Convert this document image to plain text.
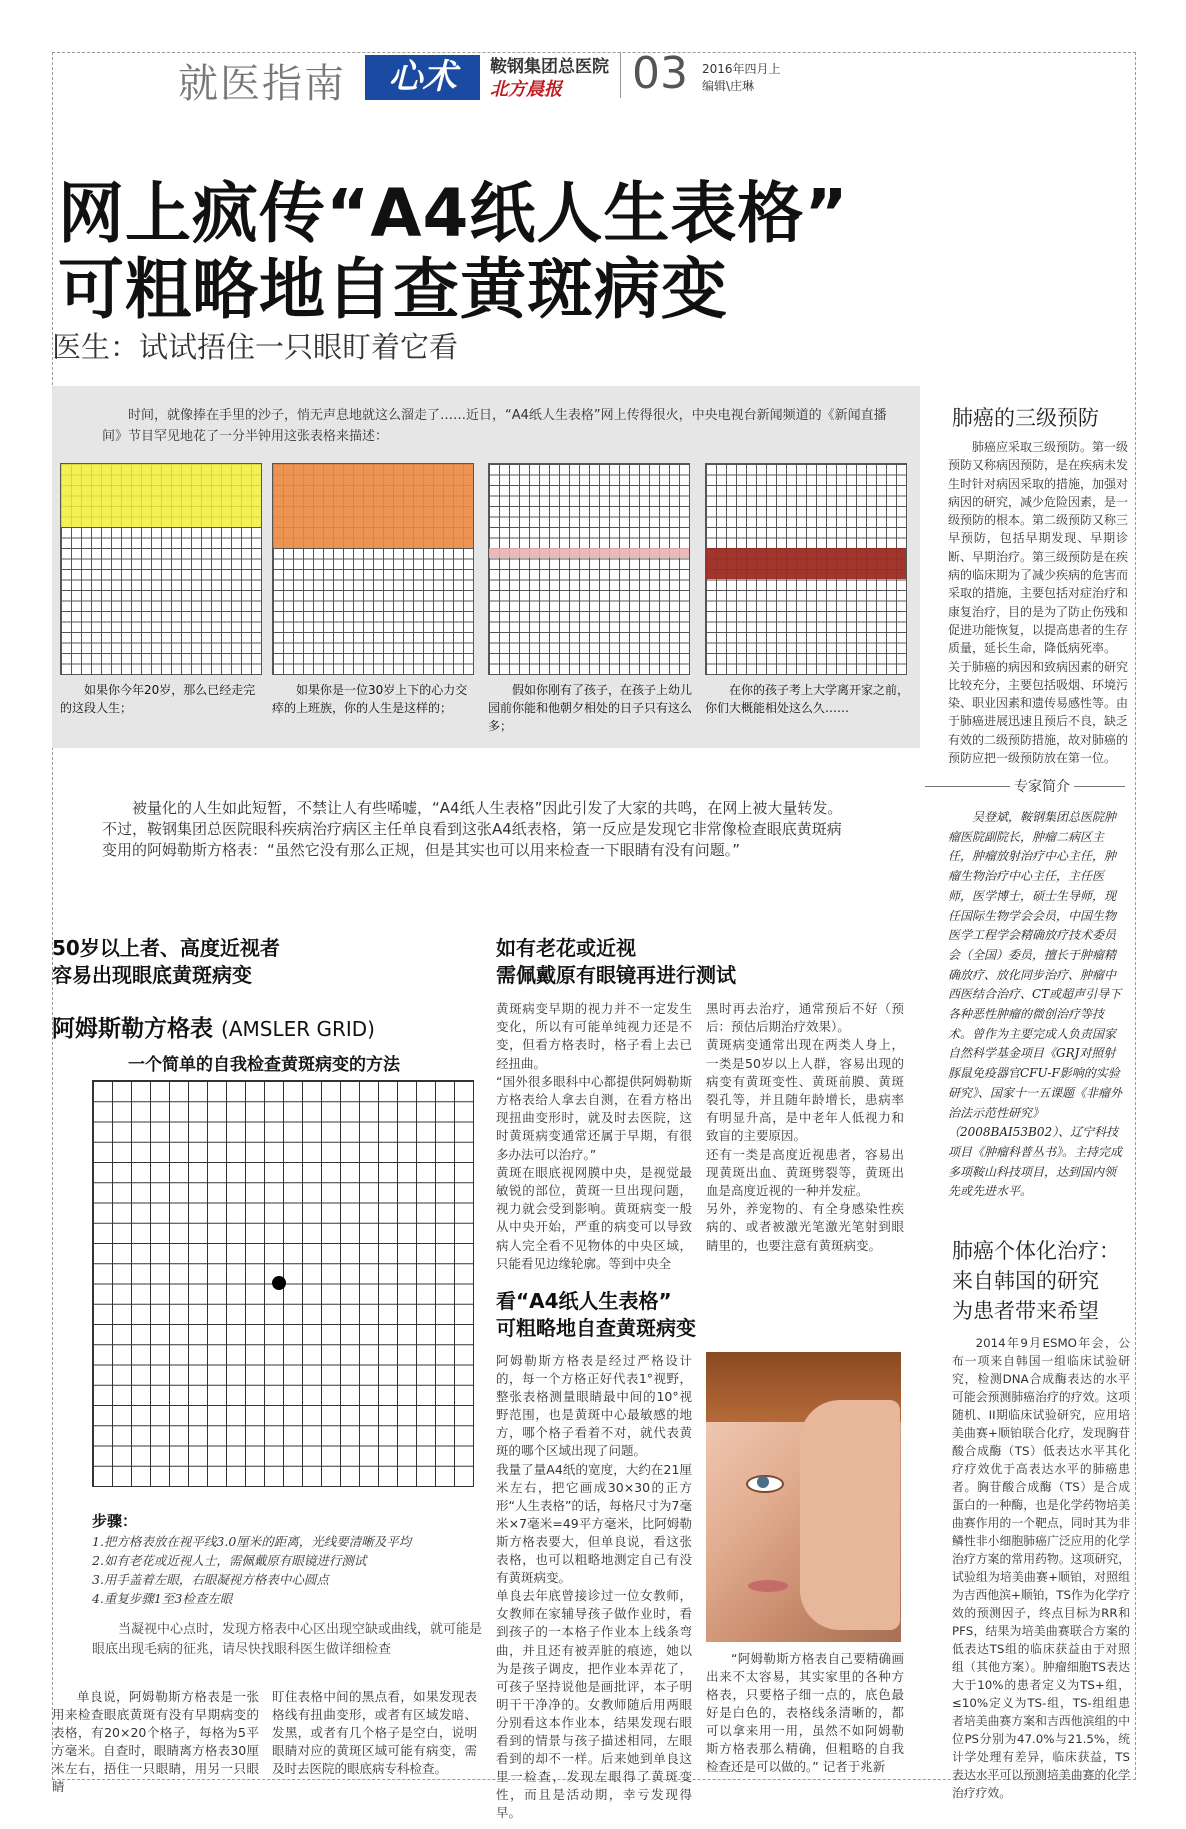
就医指南	心术	鞍钢集团总医院
北方晨报 03 2016年四月上
编辑\庄琳
网上疯传“A4纸人生表格”
可粗略地自查黄斑病变
医生：试试捂住一只眼盯着它看
时间，就像捧在手里的沙子，悄无声息地就这么溜走了……近日，“A4纸人生表格”网上传得很火，中央电视台新闻频道的《新闻直播间》节目罕见地花了一分半钟用这张表格来描述：
如果你今年20岁，那么已经走完的这段人生；
如果你是一位30岁上下的心力交瘁的上班族，你的人生是这样的；
假如你刚有了孩子，在孩子上幼儿园前你能和他朝夕相处的日子只有这么多；
在你的孩子考上大学离开家之前，你们大概能相处这么久……
被量化的人生如此短暂，不禁让人有些唏嘘，“A4纸人生表格”因此引发了大家的共鸣，在网上被大量转发。不过，鞍钢集团总医院眼科疾病治疗病区主任单良看到这张A4纸表格，第一反应是发现它非常像检查眼底黄斑病变用的阿姆勒斯方格表：“虽然它没有那么正规，但是其实也可以用来检查一下眼睛有没有问题。”
50岁以上者、高度近视者
容易出现眼底黄斑病变
阿姆斯勒方格表 (AMSLER GRID)
一个简单的自我检查黄斑病变的方法
步骤：
1.把方格表放在视平线3.0厘米的距离，光线要清晰及平均
2.如有老花或近视人士，需佩戴原有眼镜进行测试
3.用手盖着左眼，右眼凝视方格表中心圆点
4.重复步骤1至3检查左眼
当凝视中心点时，发现方格表中心区出现空缺或曲线，就可能是眼底出现毛病的征兆，请尽快找眼科医生做详细检查
单良说，阿姆勒斯方格表是一张用来检查眼底黄斑有没有早期病变的表格，有20×20个格子，每格为5平方毫米。自查时，眼睛离方格表30厘米左右，捂住一只眼睛，用另一只眼睛
盯住表格中间的黑点看，如果发现表格线有扭曲变形，或者有区域发暗、发黑，或者有几个格子是空白，说明眼睛对应的黄斑区域可能有病变，需及时去医院的眼底病专科检查。
如有老花或近视
需佩戴原有眼镜再进行测试
黄斑病变早期的视力并不一定发生变化，所以有可能单纯视力还是不变，但看方格表时，格子看上去已经扭曲。
“国外很多眼科中心都提供阿姆勒斯方格表给人拿去自测，在看方格出现扭曲变形时，就及时去医院，这时黄斑病变通常还属于早期，有很多办法可以治疗。”
黄斑在眼底视网膜中央，是视觉最敏锐的部位，黄斑一旦出现问题，视力就会受到影响。黄斑病变一般从中央开始，严重的病变可以导致病人完全看不见物体的中央区域，只能看见边缘轮廓。等到中央全
黑时再去治疗，通常预后不好（预后：预估后期治疗效果）。
黄斑病变通常出现在两类人身上，一类是50岁以上人群，容易出现的病变有黄斑变性、黄斑前膜、黄斑裂孔等，并且随年龄增长，患病率有明显升高，是中老年人低视力和致盲的主要原因。
还有一类是高度近视患者，容易出现黄斑出血、黄斑劈裂等，黄斑出血是高度近视的一种并发症。
另外，养宠物的、有全身感染性疾病的、或者被激光笔激光笔射到眼睛里的，也要注意有黄斑病变。
看“A4纸人生表格”
可粗略地自查黄斑病变
阿姆勒斯方格表是经过严格设计的，每一个方格正好代表1°视野，整张表格测量眼睛最中间的10°视野范围，也是黄斑中心最敏感的地方，哪个格子看着不对，就代表黄斑的哪个区域出现了问题。
我量了量A4纸的宽度，大约在21厘米左右，把它画成30×30的正方形“人生表格”的话，每格尺寸为7毫米×7毫米=49平方毫米，比阿姆勒斯方格表要大，但单良说，看这张表格，也可以粗略地测定自己有没有黄斑病变。
单良去年底曾接诊过一位女教师，女教师在家辅导孩子做作业时，看到孩子的一本格子作业本上线条弯曲，并且还有被弄脏的痕迹，她以为是孩子调皮，把作业本弄花了，可孩子坚持说他是画批评，本子明明干干净净的。女教师随后用两眼分别看这本作业本，结果发现右眼看到的情景与孩子描述相同，左眼看到的却不一样。后来她到单良这里一检查，发现左眼得了黄斑变性，而且是活动期，幸亏发现得早。
“阿姆勒斯方格表自己要精确画出来不太容易，其实家里的各种方格表，只要格子细一点的，底色最好是白色的，表格线条清晰的，都可以拿来用一用，虽然不如阿姆勒斯方格表那么精确，但粗略的自我检查还是可以做的。” 记者于兆新
肺癌的三级预防
肺癌应采取三级预防。第一级预防又称病因预防，是在疾病未发生时针对病因采取的措施，加强对病因的研究，减少危险因素，是一级预防的根本。第二级预防又称三早预防，包括早期发现、早期诊断、早期治疗。第三级预防是在疾病的临床期为了减少疾病的危害而采取的措施，主要包括对症治疗和康复治疗，目的是为了防止伤残和促进功能恢复，以提高患者的生存质量，延长生命，降低病死率。
关于肺癌的病因和致病因素的研究比较充分，主要包括吸烟、环境污染、职业因素和遗传易感性等。由于肺癌进展迅速且预后不良，缺乏有效的二级预防措施，故对肺癌的预防应把一级预防放在第一位。
专家简介
吴登斌，鞍钢集团总医院肿瘤医院副院长，肿瘤二病区主任，肿瘤放射治疗中心主任，肿瘤生物治疗中心主任，主任医师，医学博士，硕士生导师，现任国际生物学会会员，中国生物医学工程学会精确放疗技术委员会（全国）委员，擅长于肿瘤精确放疗、放化同步治疗、肿瘤中西医结合治疗、CT或超声引导下各种恶性肿瘤的微创治疗等技术。曾作为主要完成人负责国家自然科学基金项目《GRJ对照射豚鼠免疫器官CFU-F影响的实验研究》、国家十一五课题《非瘤外治法示范性研究》（2008BAI53B02）、辽宁科技项目《肿瘤科普丛书》。主持完成多项鞍山科技项目，达到国内领先或先进水平。
肺癌个体化治疗：
来自韩国的研究
为患者带来希望
2014年9月ESMO年会，公布一项来自韩国一组临床试验研究，检测DNA合成酶表达的水平可能会预测肺癌治疗的疗效。这项随机、II期临床试验研究，应用培美曲赛+顺铂联合化疗，发现胸苷酸合成酶（TS）低表达水平其化疗疗效优于高表达水平的肺癌患者。胸苷酸合成酶（TS）是合成蛋白的一种酶，也是化学药物培美曲赛作用的一个靶点，同时其为非鳞性非小细胞肺癌广泛应用的化学治疗方案的常用药物。这项研究，试验组为培美曲赛+顺铂，对照组为吉西他滨+顺铂，TS作为化学疗效的预测因子，终点目标为RR和PFS，结果为培美曲赛联合方案的低表达TS组的临床获益由于对照组（其他方案）。肿瘤细胞TS表达大于10%的患者定义为TS+组，≤10%定义为TS-组，TS-组组患者培美曲赛方案和吉西他滨组的中位PS分别为47.0%与21.5%，统计学处理有差异，临床获益，TS表达水平可以预测培美曲赛的化学治疗疗效。
